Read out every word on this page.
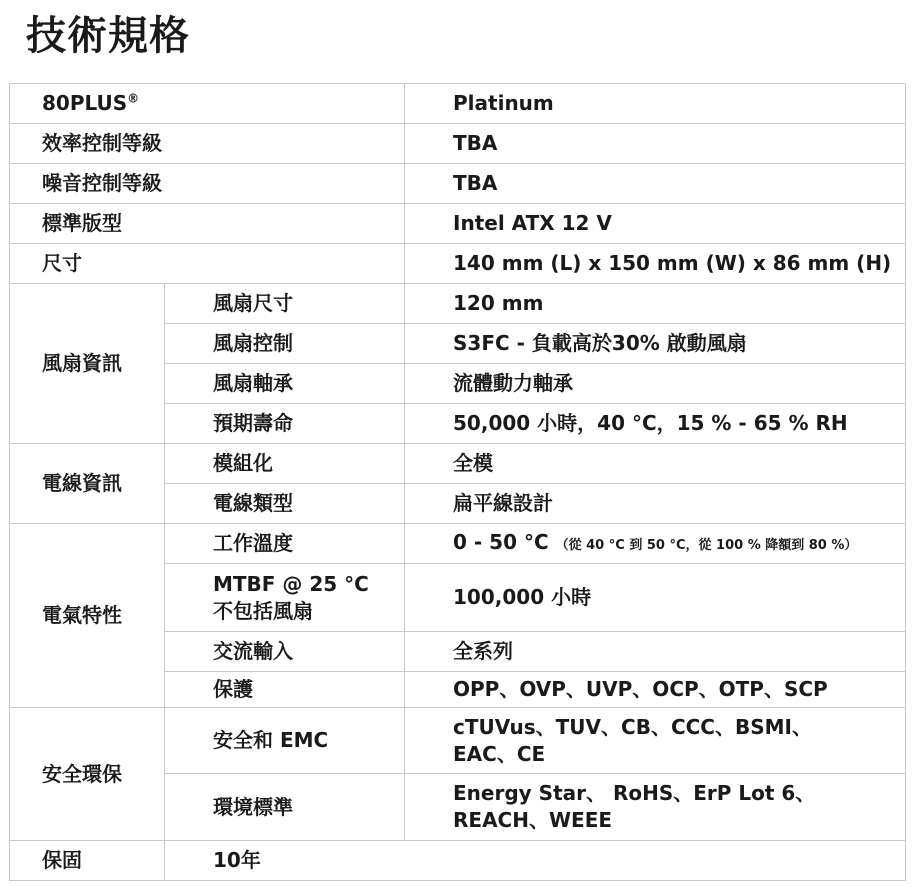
技術規格
80PLUS®		Platinum
效率控制等級		TBA
噪音控制等級		TBA
標準版型		Intel ATX 12 V
尺寸		140 mm (L) x 150 mm (W) x 86 mm (H)
風扇資訊	風扇尺寸	120 mm
	風扇控制	S3FC - 負載高於30% 啟動風扇
	風扇軸承	流體動力軸承
	預期壽命	50,000 小時，40 °C，15 % - 65 % RH
電線資訊	模組化	全模
	電線類型	扁平線設計
電氣特性	工作溫度	0 - 50 °C （從 40 °C 到 50 °C，從 100 % 降額到 80 %）

	MTBF @ 25 °C
不包括風扇	100,000 小時
	交流輸入	全系列
	保護	OPP、OVP、UVP、OCP、OTP、SCP
安全環保	安全和 EMC	cTUVus、TUV、CB、CCC、BSMI、
EAC、CE

	環境標準	Energy Star、 RoHS、ErP Lot 6、
REACH、WEEE

保固	10年	
